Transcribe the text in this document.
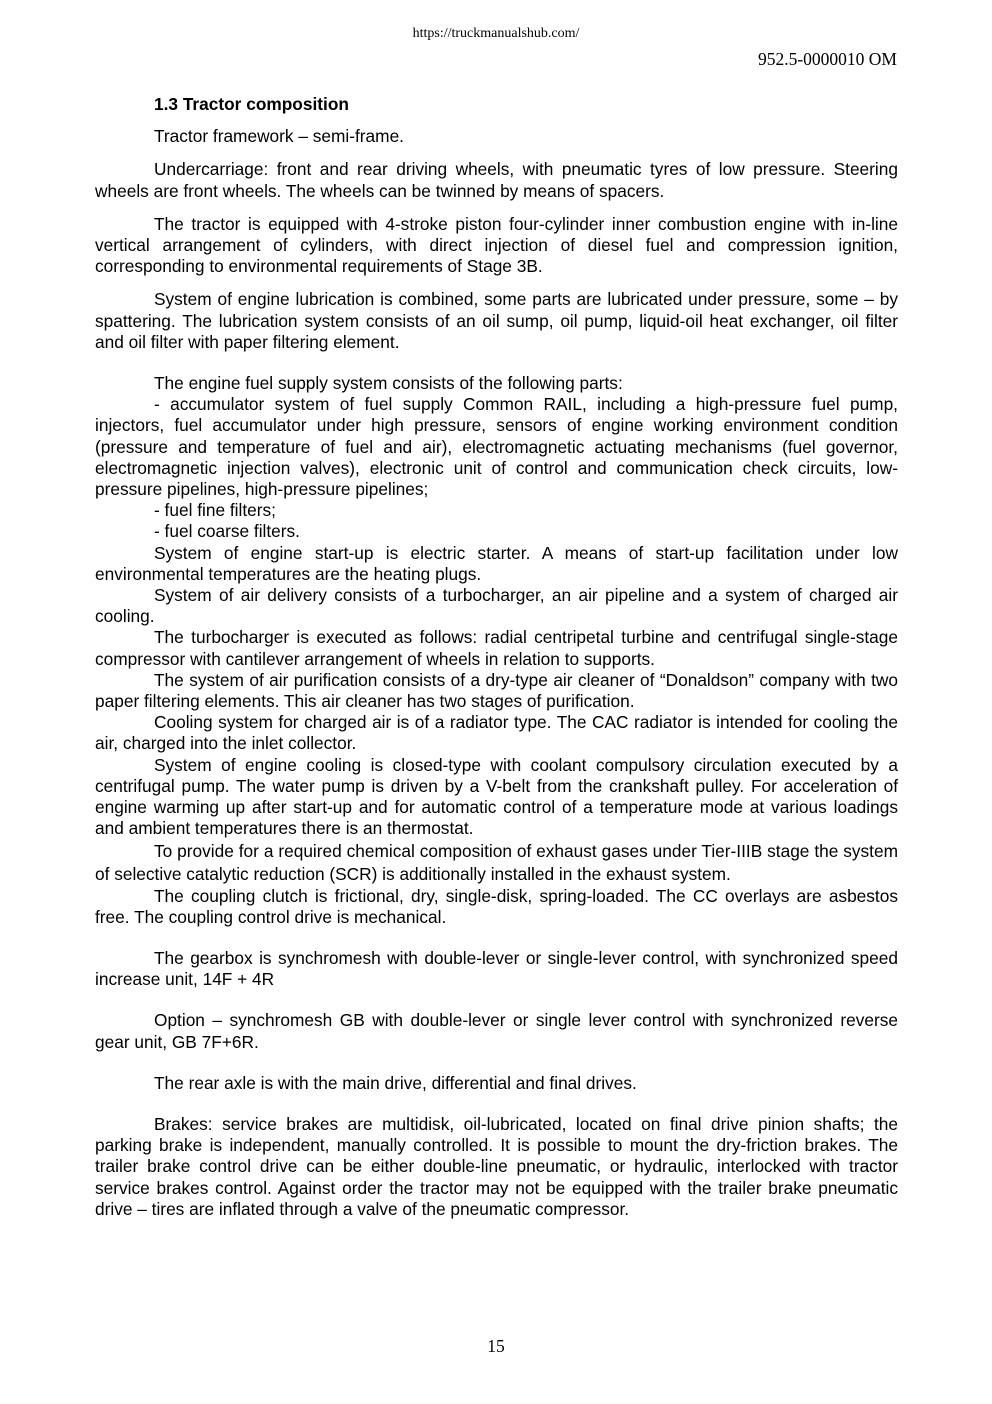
https://truckmanualshub.com/
952.5-0000010 OM
1.3 Tractor composition

Tractor framework – semi-frame.

Undercarriage: front and rear driving wheels, with pneumatic tyres of low pressure. Steering wheels are front wheels. The wheels can be twinned by means of spacers.

The tractor is equipped with 4-stroke piston four-cylinder inner combustion engine with in-line vertical arrangement of cylinders, with direct injection of diesel fuel and compression ignition, corresponding to environmental requirements of Stage 3B.

System of engine lubrication is combined, some parts are lubricated under pressure, some – by spattering. The lubrication system consists of an oil sump, oil pump, liquid-oil heat exchanger, oil filter and oil filter with paper filtering element.

The engine fuel supply system consists of the following parts:

- accumulator system of fuel supply Common RAIL, including a high-pressure fuel pump, injectors, fuel accumulator under high pressure, sensors of engine working environment condition (pressure and temperature of fuel and air), electromagnetic actuating mechanisms (fuel governor, electromagnetic injection valves), electronic unit of control and communication check circuits, low-pressure pipelines, high-pressure pipelines;

- fuel fine filters;

- fuel coarse filters.

System of engine start-up is electric starter. A means of start-up facilitation under low environmental temperatures are the heating plugs.

System of air delivery consists of a turbocharger, an air pipeline and a system of charged air cooling.

The turbocharger is executed as follows: radial centripetal turbine and centrifugal single-stage compressor with cantilever arrangement of wheels in relation to supports.

The system of air purification consists of a dry-type air cleaner of “Donaldson” company with two paper filtering elements. This air cleaner has two stages of purification.

Cooling system for charged air is of a radiator type. The CAC radiator is intended for cooling the air, charged into the inlet collector.

System of engine cooling is closed-type with coolant compulsory circulation executed by a centrifugal pump. The water pump is driven by a V-belt from the crankshaft pulley. For acceleration of engine warming up after start-up and for automatic control of a temperature mode at various loadings and ambient temperatures there is an thermostat.

To provide for a required chemical composition of exhaust gases under Tier-IIIB stage the system of selective catalytic reduction (SCR) is additionally installed in the exhaust system.

The coupling clutch is frictional, dry, single-disk, spring-loaded. The CC overlays are asbestos free. The coupling control drive is mechanical.

The gearbox is synchromesh with double-lever or single-lever control, with synchronized speed increase unit, 14F + 4R

Option – synchromesh GB with double-lever or single lever control with synchronized reverse gear unit, GB 7F+6R.

The rear axle is with the main drive, differential and final drives.

Brakes: service brakes are multidisk, oil-lubricated, located on final drive pinion shafts; the parking brake is independent, manually controlled. It is possible to mount the dry-friction brakes. The trailer brake control drive can be either double-line pneumatic, or hydraulic, interlocked with tractor service brakes control. Against order the tractor may not be equipped with the trailer brake pneumatic drive – tires are inflated through a valve of the pneumatic compressor.

15
